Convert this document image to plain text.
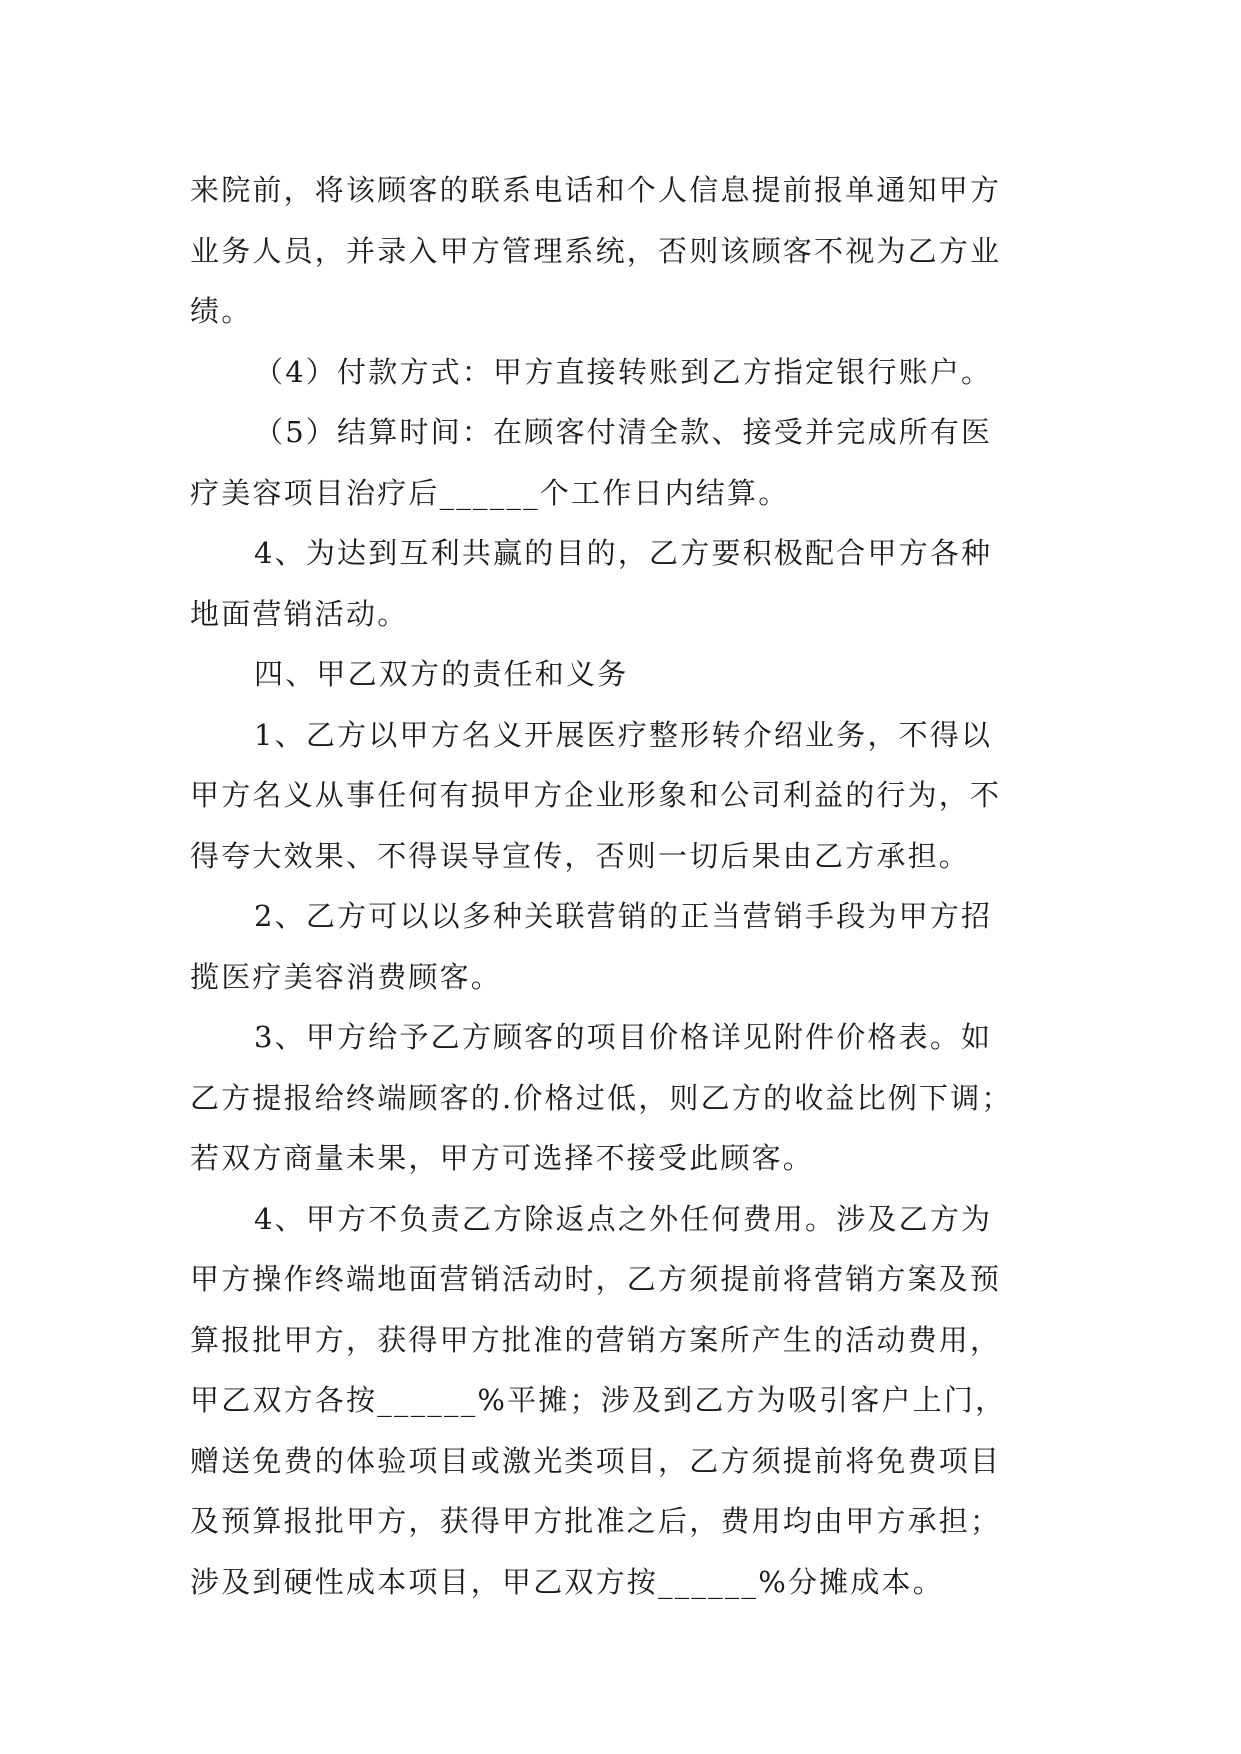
来院前，将该顾客的联系电话和个人信息提前报单通知甲方
业务人员，并录入甲方管理系统，否则该顾客不视为乙方业
绩。

（4）付款方式：甲方直接转账到乙方指定银行账户。

（5）结算时间：在顾客付清全款、接受并完成所有医
疗美容项目治疗后______个工作日内结算。

4、为达到互利共赢的目的，乙方要积极配合甲方各种
地面营销活动。

四、甲乙双方的责任和义务

1、乙方以甲方名义开展医疗整形转介绍业务，不得以
甲方名义从事任何有损甲方企业形象和公司利益的行为，不
得夸大效果、不得误导宣传，否则一切后果由乙方承担。

2、乙方可以以多种关联营销的正当营销手段为甲方招
揽医疗美容消费顾客。

3、甲方给予乙方顾客的项目价格详见附件价格表。如
乙方提报给终端顾客的.价格过低，则乙方的收益比例下调；
若双方商量未果，甲方可选择不接受此顾客。

4、甲方不负责乙方除返点之外任何费用。涉及乙方为
甲方操作终端地面营销活动时，乙方须提前将营销方案及预
算报批甲方，获得甲方批准的营销方案所产生的活动费用，
甲乙双方各按______%平摊；涉及到乙方为吸引客户上门，
赠送免费的体验项目或激光类项目，乙方须提前将免费项目
及预算报批甲方，获得甲方批准之后，费用均由甲方承担；
涉及到硬性成本项目，甲乙双方按______%分摊成本。
